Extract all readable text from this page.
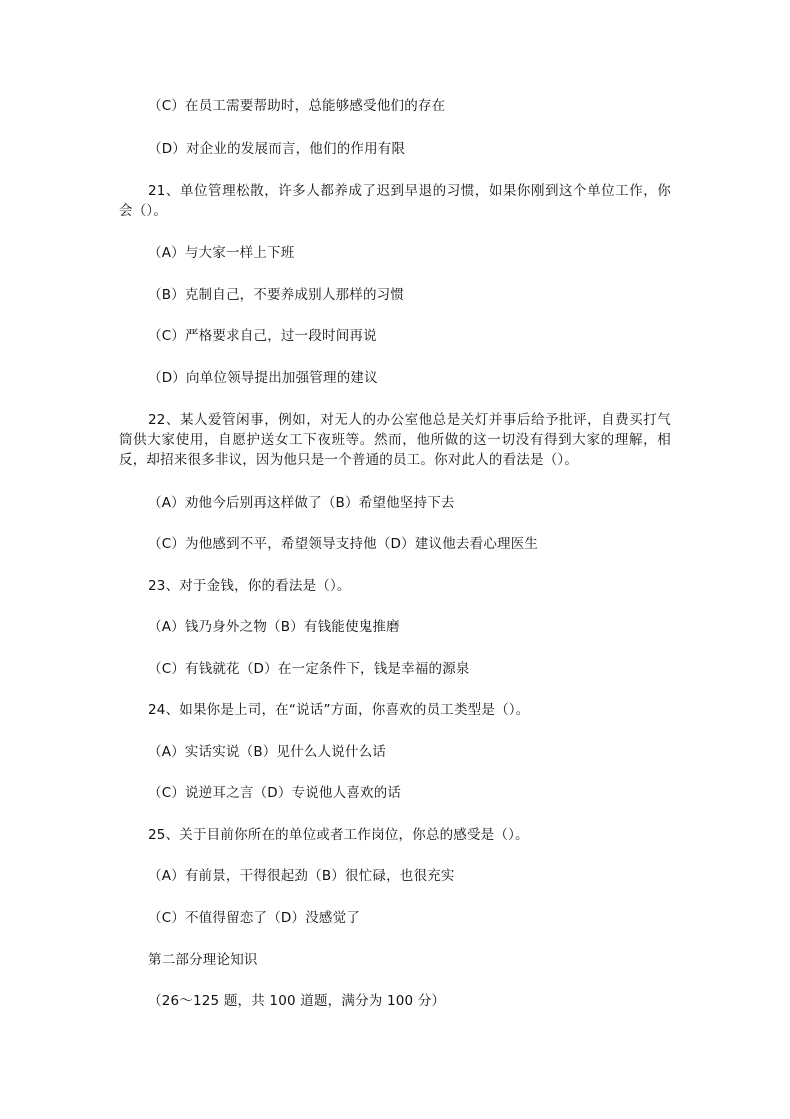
（C）在员工需要帮助时，总能够感受他们的存在
（D）对企业的发展而言，他们的作用有限
21、单位管理松散，许多人都养成了迟到早退的习惯，如果你刚到这个单位工作，你会（）。
（A）与大家一样上下班
（B）克制自己，不要养成别人那样的习惯
（C）严格要求自己，过一段时间再说
（D）向单位领导提出加强管理的建议
22、某人爱管闲事，例如，对无人的办公室他总是关灯并事后给予批评，自费买打气筒供大家使用，自愿护送女工下夜班等。然而，他所做的这一切没有得到大家的理解，相反，却招来很多非议，因为他只是一个普通的员工。你对此人的看法是（）。
（A）劝他今后别再这样做了（B）希望他坚持下去
（C）为他感到不平，希望领导支持他（D）建议他去看心理医生
23、对于金钱，你的看法是（）。
（A）钱乃身外之物（B）有钱能使鬼推磨
（C）有钱就花（D）在一定条件下，钱是幸福的源泉
24、如果你是上司，在“说话”方面，你喜欢的员工类型是（）。
（A）实话实说（B）见什么人说什么话
（C）说逆耳之言（D）专说他人喜欢的话
25、关于目前你所在的单位或者工作岗位，你总的感受是（）。
（A）有前景，干得很起劲（B）很忙碌，也很充实
（C）不值得留恋了（D）没感觉了
第二部分理论知识
（26～125 题，共 100 道题，满分为 100 分）
